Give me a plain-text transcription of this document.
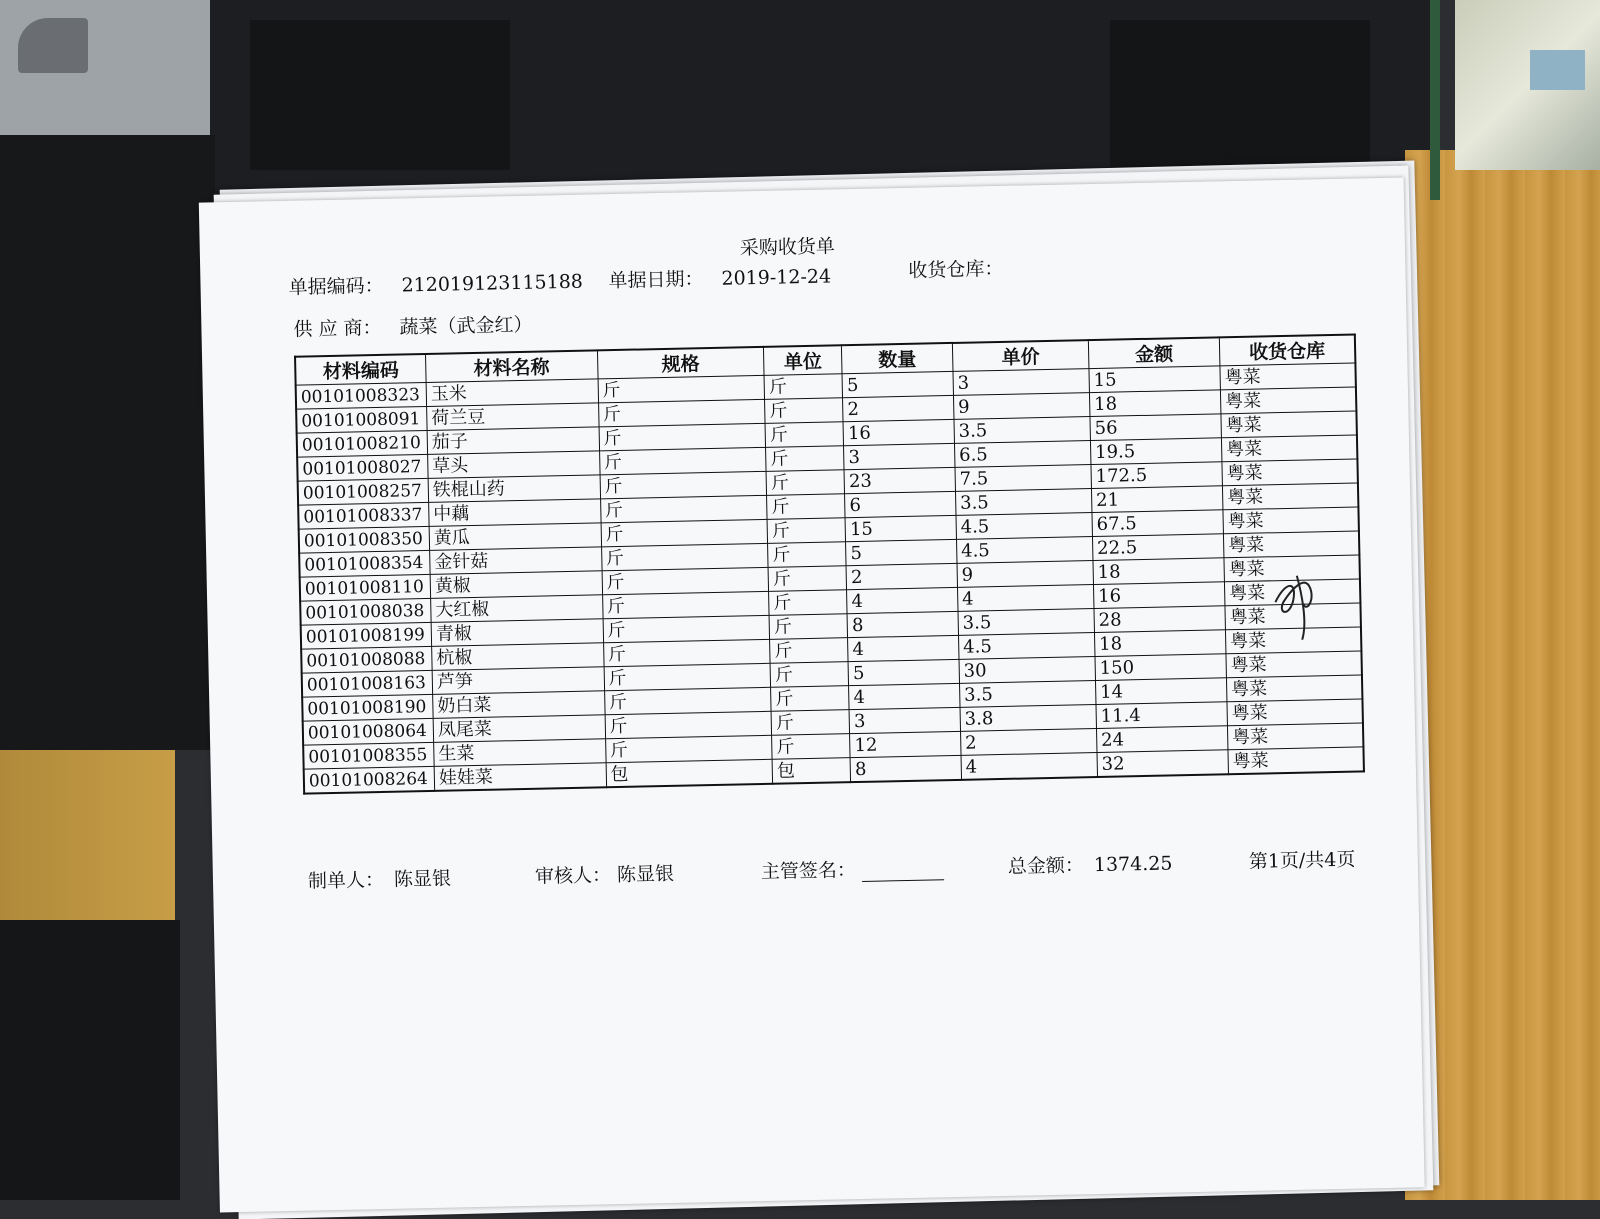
采购收货单
单据编码： 212019123115188 单据日期： 2019-12-24	收货仓库：
供 应 商： 蔬菜（武金红）
材料编码	材料名称	规格	单位	数量	单价	金额	收货仓库
00101008323	玉米	斤	斤	5	3	15	粤菜
00101008091	荷兰豆	斤	斤	2	9	18	粤菜
00101008210	茄子	斤	斤	16	3.5	56	粤菜
00101008027	草头	斤	斤	3	6.5	19.5	粤菜
00101008257	铁棍山药	斤	斤	23	7.5	172.5	粤菜
00101008337	中藕	斤	斤	6	3.5	21	粤菜
00101008350	黄瓜	斤	斤	15	4.5	67.5	粤菜
00101008354	金针菇	斤	斤	5	4.5	22.5	粤菜
00101008110	黄椒	斤	斤	2	9	18	粤菜
00101008038	大红椒	斤	斤	4	4	16	粤菜
00101008199	青椒	斤	斤	8	3.5	28	粤菜
00101008088	杭椒	斤	斤	4	4.5	18	粤菜
00101008163	芦笋	斤	斤	5	30	150	粤菜
00101008190	奶白菜	斤	斤	4	3.5	14	粤菜
00101008064	凤尾菜	斤	斤	3	3.8	11.4	粤菜
00101008355	生菜	斤	斤	12	2	24	粤菜
00101008264	娃娃菜	包	包	8	4	32	粤菜
制单人： 陈显银	审核人： 陈显银	主管签名：	总金额： 1374.25	第1页/共4页
